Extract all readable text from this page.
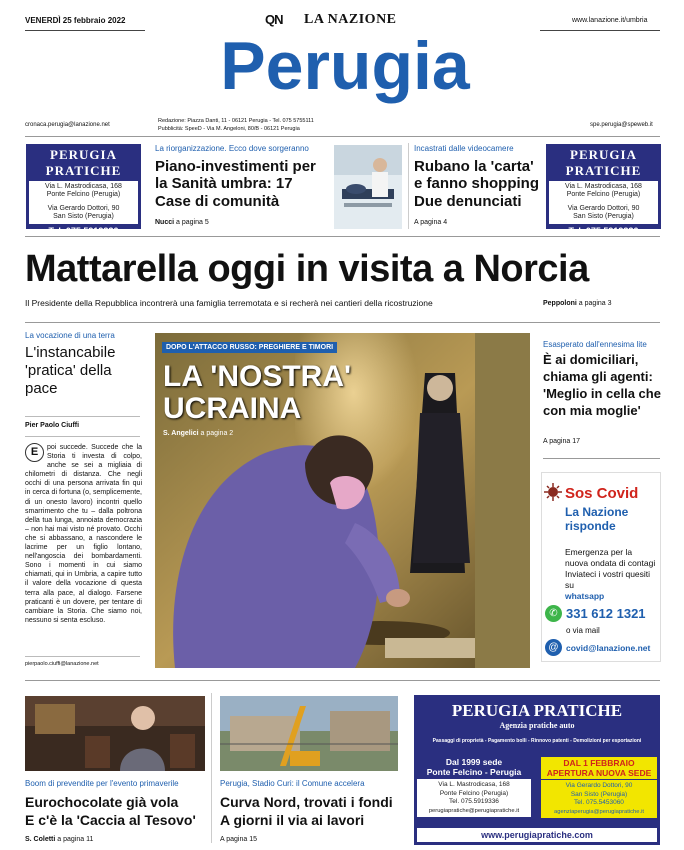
VENERDÌ 25 febbraio 2022	QN LA NAZIONE	www.lanazione.it/umbria
Perugia
cronaca.perugia@lanazione.net
Redazione: Piazza Danti, 11 - 06121 Perugia - Tel. 075 5755111
Pubblicità: SpeeD - Via M. Angeloni, 80/B - 06121 Perugia
spe.perugia@speweb.it
PERUGIA
PRATICHE
Via L. Mastrodicasa, 168
Ponte Felcino (Perugia)
Via Gerardo Dottori, 90
San Sisto (Perugia)
Tel. 075.5919336
PERUGIA
PRATICHE
Via L. Mastrodicasa, 168
Ponte Felcino (Perugia)
Via Gerardo Dottori, 90
San Sisto (Perugia)
Tel. 075.5919336
La riorganizzazione. Ecco dove sorgeranno
Piano-investimenti per la Sanità umbra: 17 Case di comunità
Nucci a pagina 5
Incastrati dalle videocamere
Rubano la 'carta' e fanno shopping Due denunciati
A pagina 4
Mattarella oggi in visita a Norcia
Il Presidente della Repubblica incontrerà una famiglia terremotata e si recherà nei cantieri della ricostruzione	Peppoloni a pagina 3
La vocazione di una terra
L'instancabile 'pratica' della pace
Pier Paolo Ciuffi
E	poi succede. Succede che la Storia ti investa di colpo, anche se sei a migliaia di chilometri di distanza. Che negli occhi di una persona arrivata fin qui in cerca di fortuna (o, semplicemente, di un onesto lavoro) incontri quello smarrimento che tu – dalla poltrona della tua lunga, annoiata democrazia – non hai mai visto né provato. Occhi che si abbassano, a nascondere le lacrime per un figlio lontano, nell'angoscia dei bombardamenti. Sono i momenti in cui siamo chiamati, qui in Umbria, a capire tutto il valore della vocazione di questa terra alla pace, al dialogo. Farsene praticanti è un dovere, per tentare di cambiare la Storia. Che siamo noi, nessuno si senta escluso.
pierpaolo.ciuffi@lanazione.net
DOPO L'ATTACCO RUSSO: PREGHIERE E TIMORI
LA 'NOSTRA'
UCRAINA
S. Angelici a pagina 2
Esasperato dall'ennesima lite
È ai domiciliari, chiama gli agenti: 'Meglio in cella che con mia moglie'
A pagina 17
Sos Covid
La Nazione
risponde
Emergenza per la nuova ondata di contagi
Inviateci i vostri quesiti su
whatsapp
✆ 331 612 1321
o via mail
@ covid@lanazione.net
Boom di prevendite per l'evento primaverile
Eurochocolate già vola
E c'è la 'Caccia al Tesovo'
S. Coletti a pagina 11
Perugia, Stadio Curi: il Comune accelera
Curva Nord, trovati i fondi
A giorni il via ai lavori
A pagina 15
PERUGIA PRATICHE
Agenzia pratiche auto
Passaggi di proprietà - Pagamento bolli - Rinnovo patenti - Demolizioni per esportazioni
Dal 1999 sede
Ponte Felcino - Perugia
Via L. Mastrodicasa, 168
Ponte Felcino (Perugia)
Tel. 075.5919336
perugiapratiche@perugiapratiche.it
DAL 1 FEBBRAIO
APERTURA NUOVA SEDE
Via Gerardo Dottori, 90
San Sisto (Perugia)
Tel. 075.5453060
agenziaperugia@perugiapratiche.it
www.perugiapratiche.com
